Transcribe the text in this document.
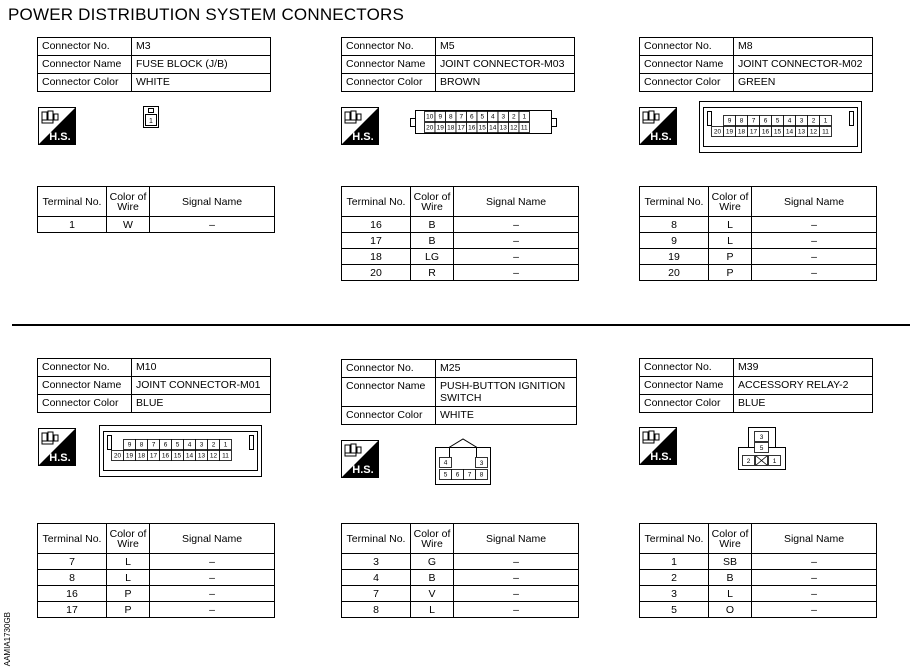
POWER DISTRIBUTION SYSTEM CONNECTORS
Connector No.	M3
Connector Name	FUSE BLOCK (J/B)
Connector Color	WHITE
Connector No.	M5
Connector Name	JOINT CONNECTOR-M03
Connector Color	BROWN
Connector No.	M8
Connector Name	JOINT CONNECTOR-M02
Connector Color	GREEN
Connector No.	M10
Connector Name	JOINT CONNECTOR-M01
Connector Color	BLUE
Connector No.	M25
Connector Name	PUSH-BUTTON IGNITION SWITCH
Connector Color	WHITE
Connector No.	M39
Connector Name	ACCESSORY RELAY-2
Connector Color	BLUE
Terminal No.	Color of Wire	Signal Name
1	W	–
Terminal No.	Color of Wire	Signal Name
16	B	–
17	B	–
18	LG	–
20	R	–
Terminal No.	Color of Wire	Signal Name
8	L	–
9	L	–
19	P	–
20	P	–
Terminal No.	Color of Wire	Signal Name
7	L	–
8	L	–
16	P	–
17	P	–
Terminal No.	Color of Wire	Signal Name
3	G	–
4	B	–
7	V	–
8	L	–
Terminal No.	Color of Wire	Signal Name
1	SB	–
2	B	–
3	L	–
5	O	–
H.S.	H.S.	H.S.
H.S.
H.S.
H.S.
1
10 9 8 7 6 5 4 3 2 1
20 19 18 17 16 15 14 13 12 11
9 8 7 6 5 4 3 2 1
20 19 18 17 16 15 14 13 12 11
9 8 7 6 5 4 3 2 1
20 19 18 17 16 15 14 13 12 11
4	3
5 6 7 8
3
5
2	1
AAMIA1730GB
